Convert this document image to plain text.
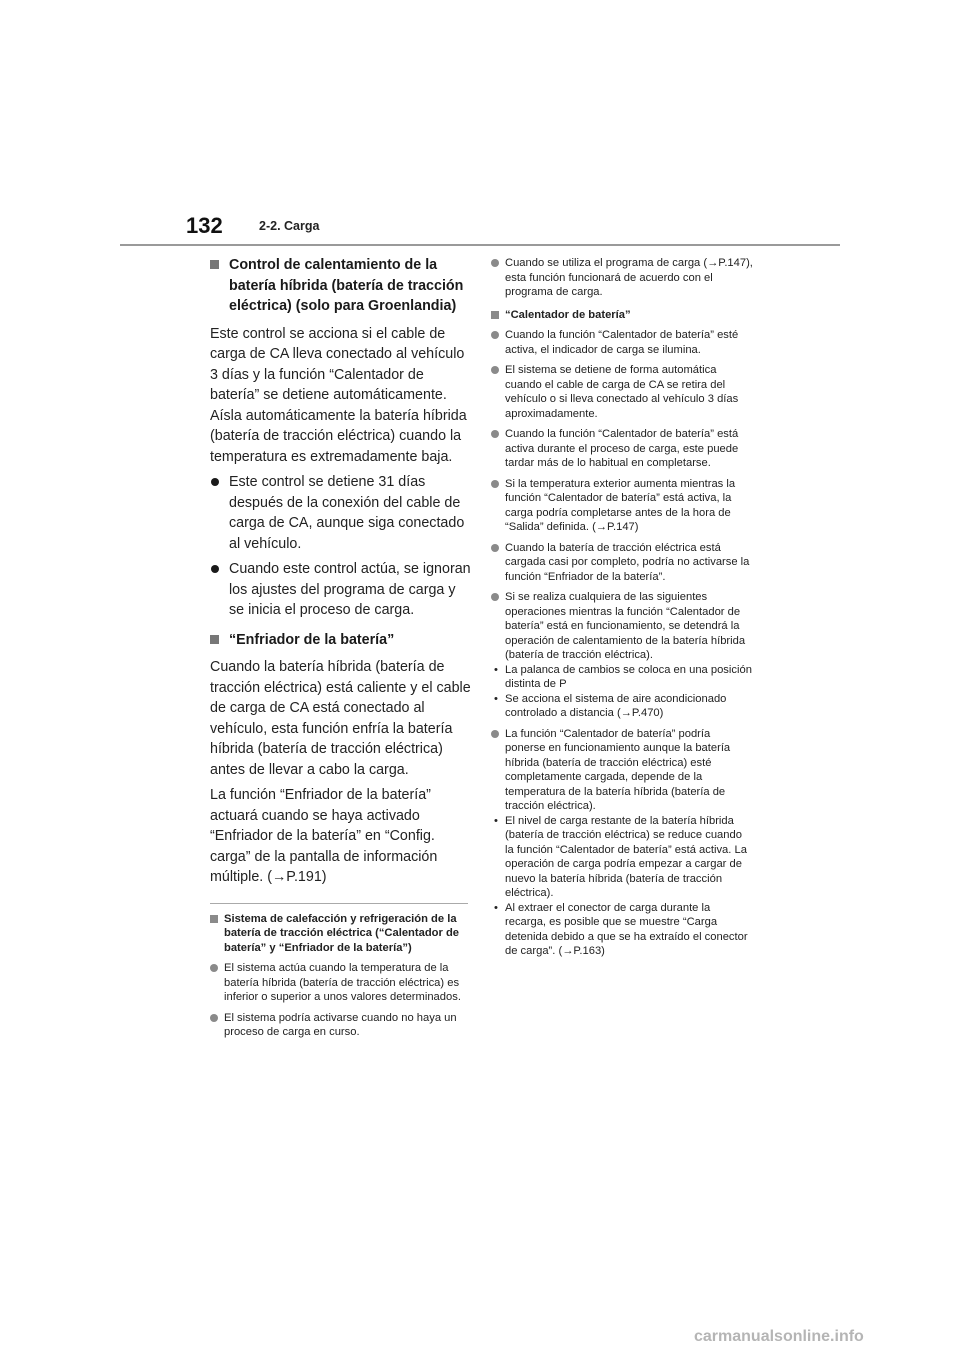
132	2-2. Carga
Control de calentamiento de la batería híbrida (batería de tracción eléctrica) (solo para Groenlandia)

Este control se acciona si el cable de carga de CA lleva conectado al vehículo 3 días y la función “Calentador de batería” se detiene automáticamente. Aísla automáticamente la batería híbrida (batería de tracción eléctrica) cuando la temperatura es extremadamente baja.

Este control se detiene 31 días después de la conexión del cable de carga de CA, aunque siga conectado al vehículo.
Cuando este control actúa, se ignoran los ajustes del programa de carga y se inicia el proceso de carga.
“Enfriador de la batería”

Cuando la batería híbrida (batería de tracción eléctrica) está caliente y el cable de carga de CA está conectado al vehículo, esta función enfría la batería híbrida (batería de tracción eléctrica) antes de llevar a cabo la carga.

La función “Enfriador de la batería” actuará cuando se haya activado “Enfriador de la batería” en “Config. carga” de la pantalla de información múltiple. (→P.191)

Sistema de calefacción y refrigeración de la batería de tracción eléctrica (“Calentador de batería” y “Enfriador de la batería”)
El sistema actúa cuando la temperatura de la batería híbrida (batería de tracción eléctrica) es inferior o superior a unos valores determinados.
El sistema podría activarse cuando no haya un proceso de carga en curso.
Cuando se utiliza el programa de carga (→P.147), esta función funcionará de acuerdo con el programa de carga.
“Calentador de batería”
Cuando la función “Calentador de batería” esté activa, el indicador de carga se ilumina.
El sistema se detiene de forma automática cuando el cable de carga de CA se retira del vehículo o si lleva conectado al vehículo 3 días aproximadamente.
Cuando la función “Calentador de batería” está activa durante el proceso de carga, este puede tardar más de lo habitual en completarse.
Si la temperatura exterior aumenta mientras la función “Calentador de batería” está activa, la carga podría completarse antes de la hora de “Salida” definida. (→P.147)
Cuando la batería de tracción eléctrica está cargada casi por completo, podría no activarse la función “Enfriador de la batería”.
Si se realiza cualquiera de las siguientes operaciones mientras la función “Calentador de batería” está en funcionamiento, se detendrá la operación de calentamiento de la batería híbrida (batería de tracción eléctrica).
• La palanca de cambios se coloca en una posición distinta de P
• Se acciona el sistema de aire acondicionado controlado a distancia (→P.470)
La función “Calentador de batería” podría ponerse en funcionamiento aunque la batería híbrida (batería de tracción eléctrica) esté completamente cargada, depende de la temperatura de la batería híbrida (batería de tracción eléctrica).
• El nivel de carga restante de la batería híbrida (batería de tracción eléctrica) se reduce cuando la función “Calentador de batería” está activa. La operación de carga podría empezar a cargar de nuevo la batería híbrida (batería de tracción eléctrica).
• Al extraer el conector de carga durante la recarga, es posible que se muestre “Carga detenida debido a que se ha extraído el conector de carga”. (→P.163)
carmanualsonline.info
